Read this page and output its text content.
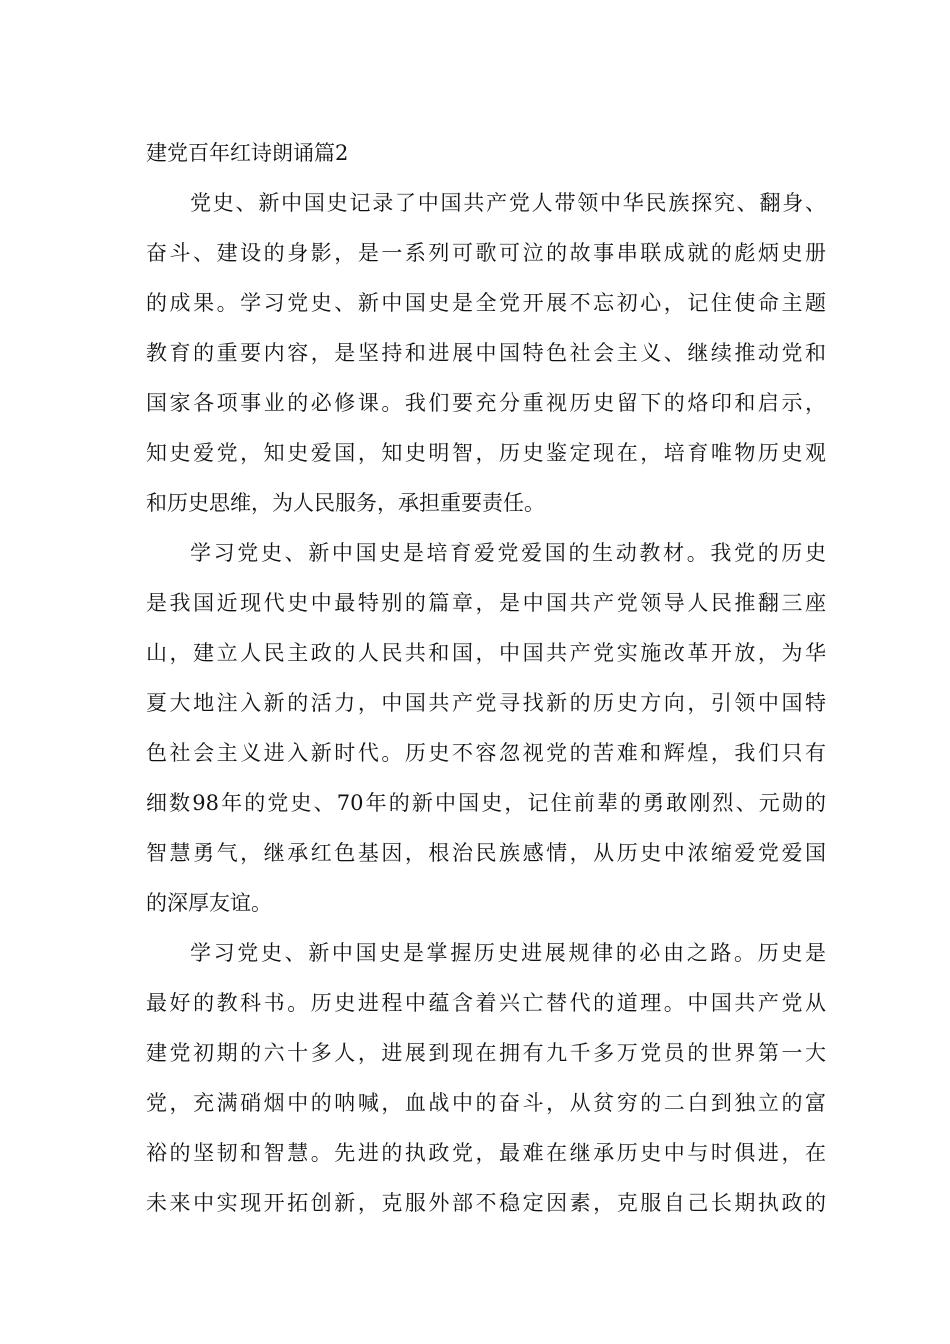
建党百年红诗朗诵篇2
党史、新中国史记录了中国共产党人带领中华民族探究、翻身、
奋斗、建设的身影，是一系列可歌可泣的故事串联成就的彪炳史册
的成果。学习党史、新中国史是全党开展不忘初心，记住使命主题
教育的重要内容，是坚持和进展中国特色社会主义、继续推动党和
国家各项事业的必修课。我们要充分重视历史留下的烙印和启示，
知史爱党，知史爱国，知史明智，历史鉴定现在，培育唯物历史观
和历史思维，为人民服务，承担重要责任。
学习党史、新中国史是培育爱党爱国的生动教材。我党的历史
是我国近现代史中最特别的篇章，是中国共产党领导人民推翻三座
山，建立人民主政的人民共和国，中国共产党实施改革开放，为华
夏大地注入新的活力，中国共产党寻找新的历史方向，引领中国特
色社会主义进入新时代。历史不容忽视党的苦难和辉煌，我们只有
细数98年的党史、70年的新中国史，记住前辈的勇敢刚烈、元勋的
智慧勇气，继承红色基因，根治民族感情，从历史中浓缩爱党爱国
的深厚友谊。
学习党史、新中国史是掌握历史进展规律的必由之路。历史是
最好的教科书。历史进程中蕴含着兴亡替代的道理。中国共产党从
建党初期的六十多人，进展到现在拥有九千多万党员的世界第一大
党，充满硝烟中的呐喊，血战中的奋斗，从贫穷的二白到独立的富
裕的坚韧和智慧。先进的执政党，最难在继承历史中与时俱进，在
未来中实现开拓创新，克服外部不稳定因素，克服自己长期执政的
